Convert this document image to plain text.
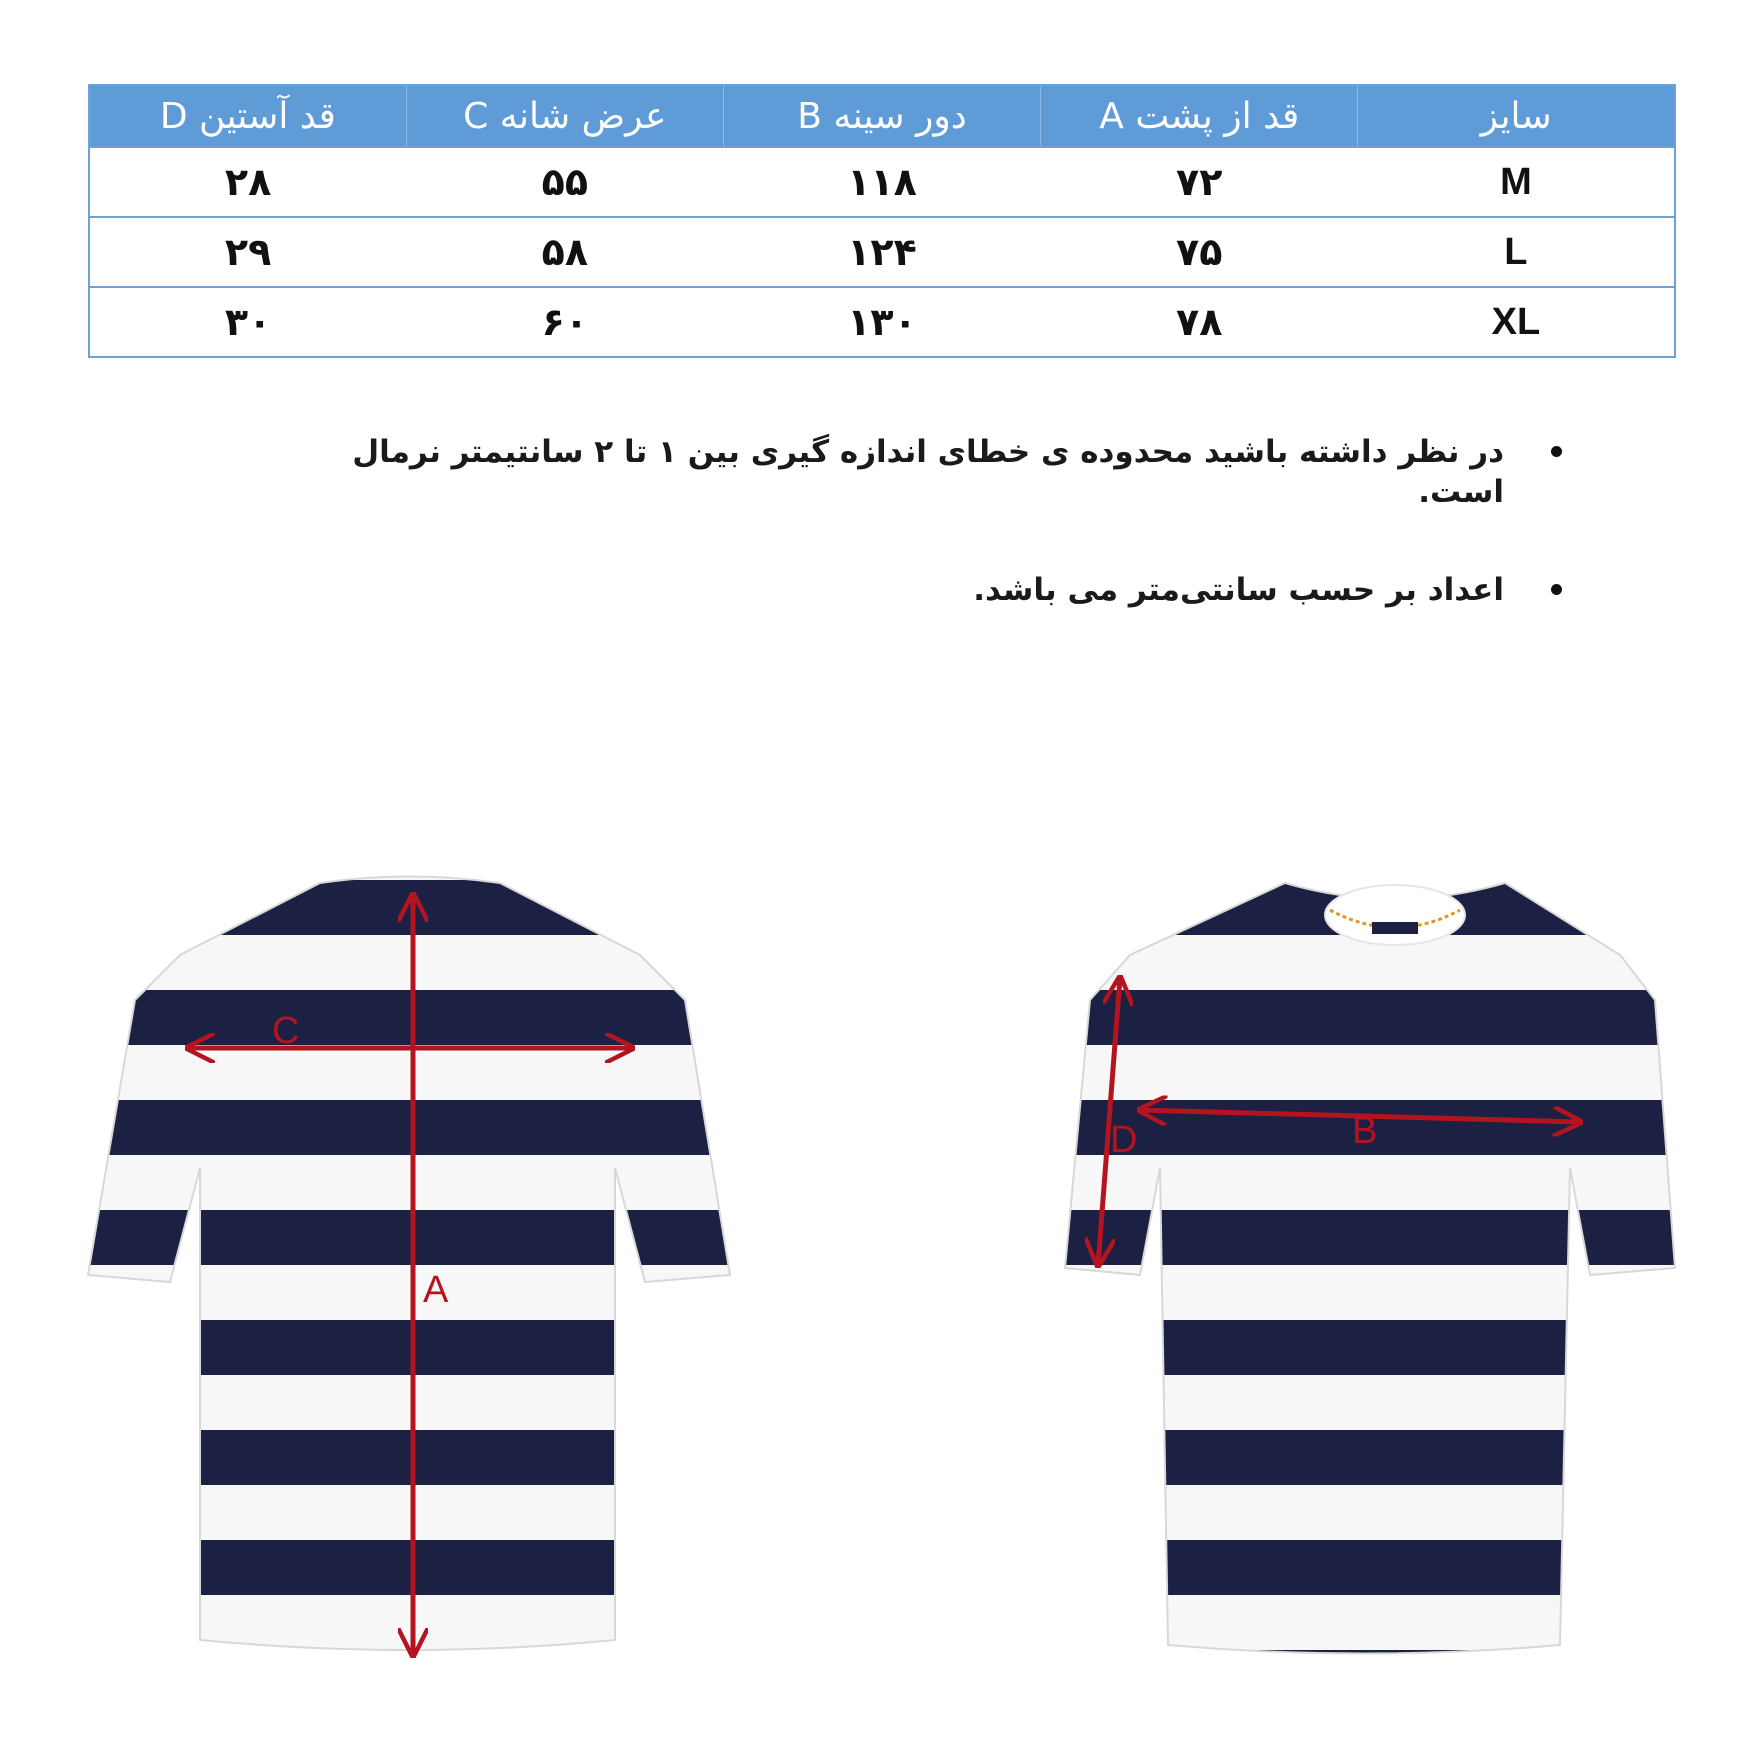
سایز	قد از پشت A	دور سینه B	عرض شانه C	قد آستین D
M	۷۲	۱۱۸	۵۵	۲۸
L	۷۵	۱۲۴	۵۸	۲۹
XL	۷۸	۱۳۰	۶۰	۳۰
در نظر داشته باشید محدوده ی خطای اندازه گیری بین ۱ تا ۲ سانتیمتر نرمال است.
اعداد بر حسب سانتی‌متر می باشد.
C
A
B
D
